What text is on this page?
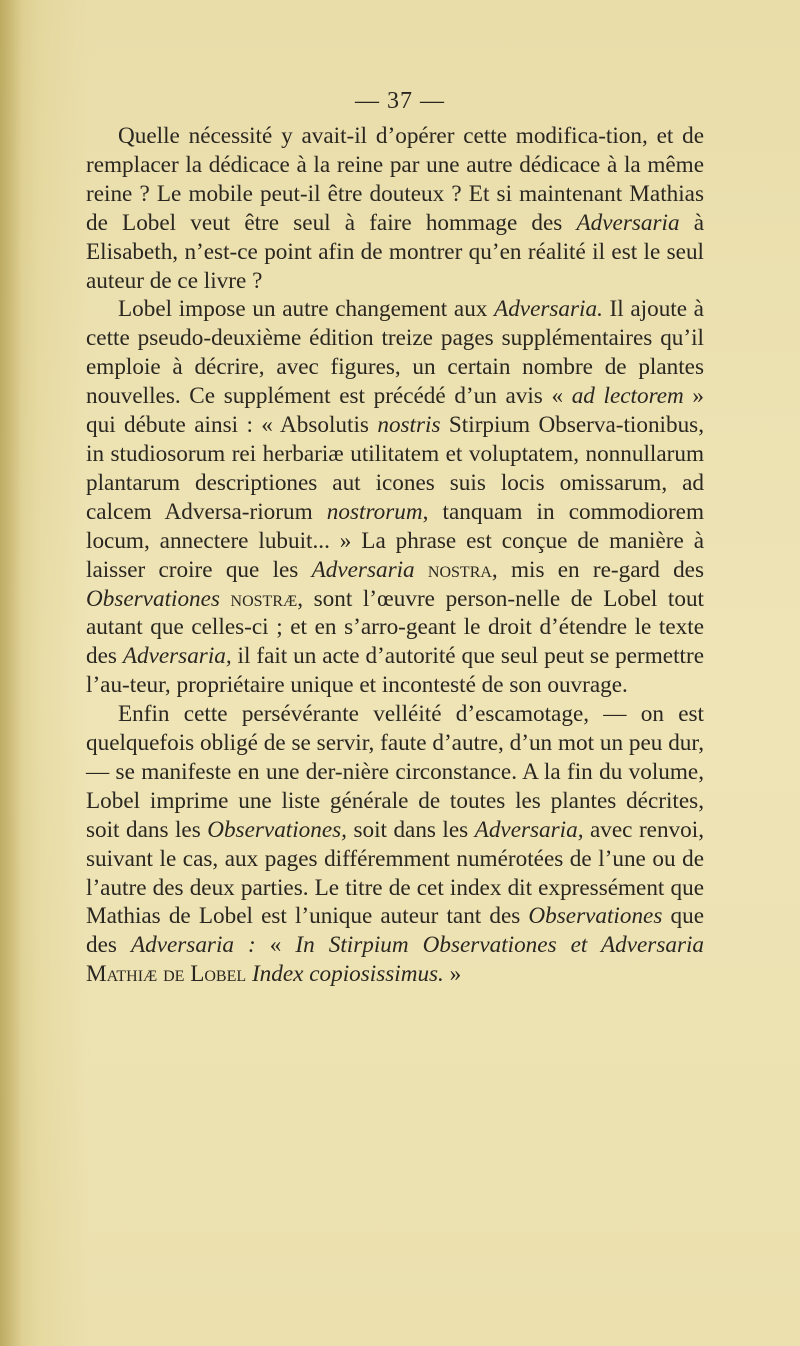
— 37 —

Quelle nécessité y avait-il d’opérer cette modifica-tion, et de remplacer la dédicace à la reine par une autre dédicace à la même reine ? Le mobile peut-il être douteux ? Et si maintenant Mathias de Lobel veut être seul à faire hommage des Adversaria à Elisabeth, n’est-ce point afin de montrer qu’en réalité il est le seul auteur de ce livre ?

Lobel impose un autre changement aux Adversaria. Il ajoute à cette pseudo-deuxième édition treize pages supplémentaires qu’il emploie à décrire, avec figures, un certain nombre de plantes nouvelles. Ce supplément est précédé d’un avis « ad lectorem » qui débute ainsi : « Absolutis nostris Stirpium Observa-tionibus, in studiosorum rei herbariæ utilitatem et voluptatem, nonnullarum plantarum descriptiones aut icones suis locis omissarum, ad calcem Adversa-riorum nostrorum, tanquam in commodiorem locum, annectere lubuit... » La phrase est conçue de manière à laisser croire que les Adversaria nostra, mis en re-gard des Observationes nostræ, sont l’œuvre person-nelle de Lobel tout autant que celles-ci ; et en s’arro-geant le droit d’étendre le texte des Adversaria, il fait un acte d’autorité que seul peut se permettre l’au-teur, propriétaire unique et incontesté de son ouvrage.

Enfin cette persévérante velléité d’escamotage, — on est quelquefois obligé de se servir, faute d’autre, d’un mot un peu dur, — se manifeste en une der-nière circonstance. A la fin du volume, Lobel imprime une liste générale de toutes les plantes décrites, soit dans les Observationes, soit dans les Adversaria, avec renvoi, suivant le cas, aux pages différemment numérotées de l’une ou de l’autre des deux parties. Le titre de cet index dit expressément que Mathias de Lobel est l’unique auteur tant des Observationes que des Adversaria : « In Stirpium Observationes et Adversaria Mathiæ de Lobel Index copiosissimus. »
